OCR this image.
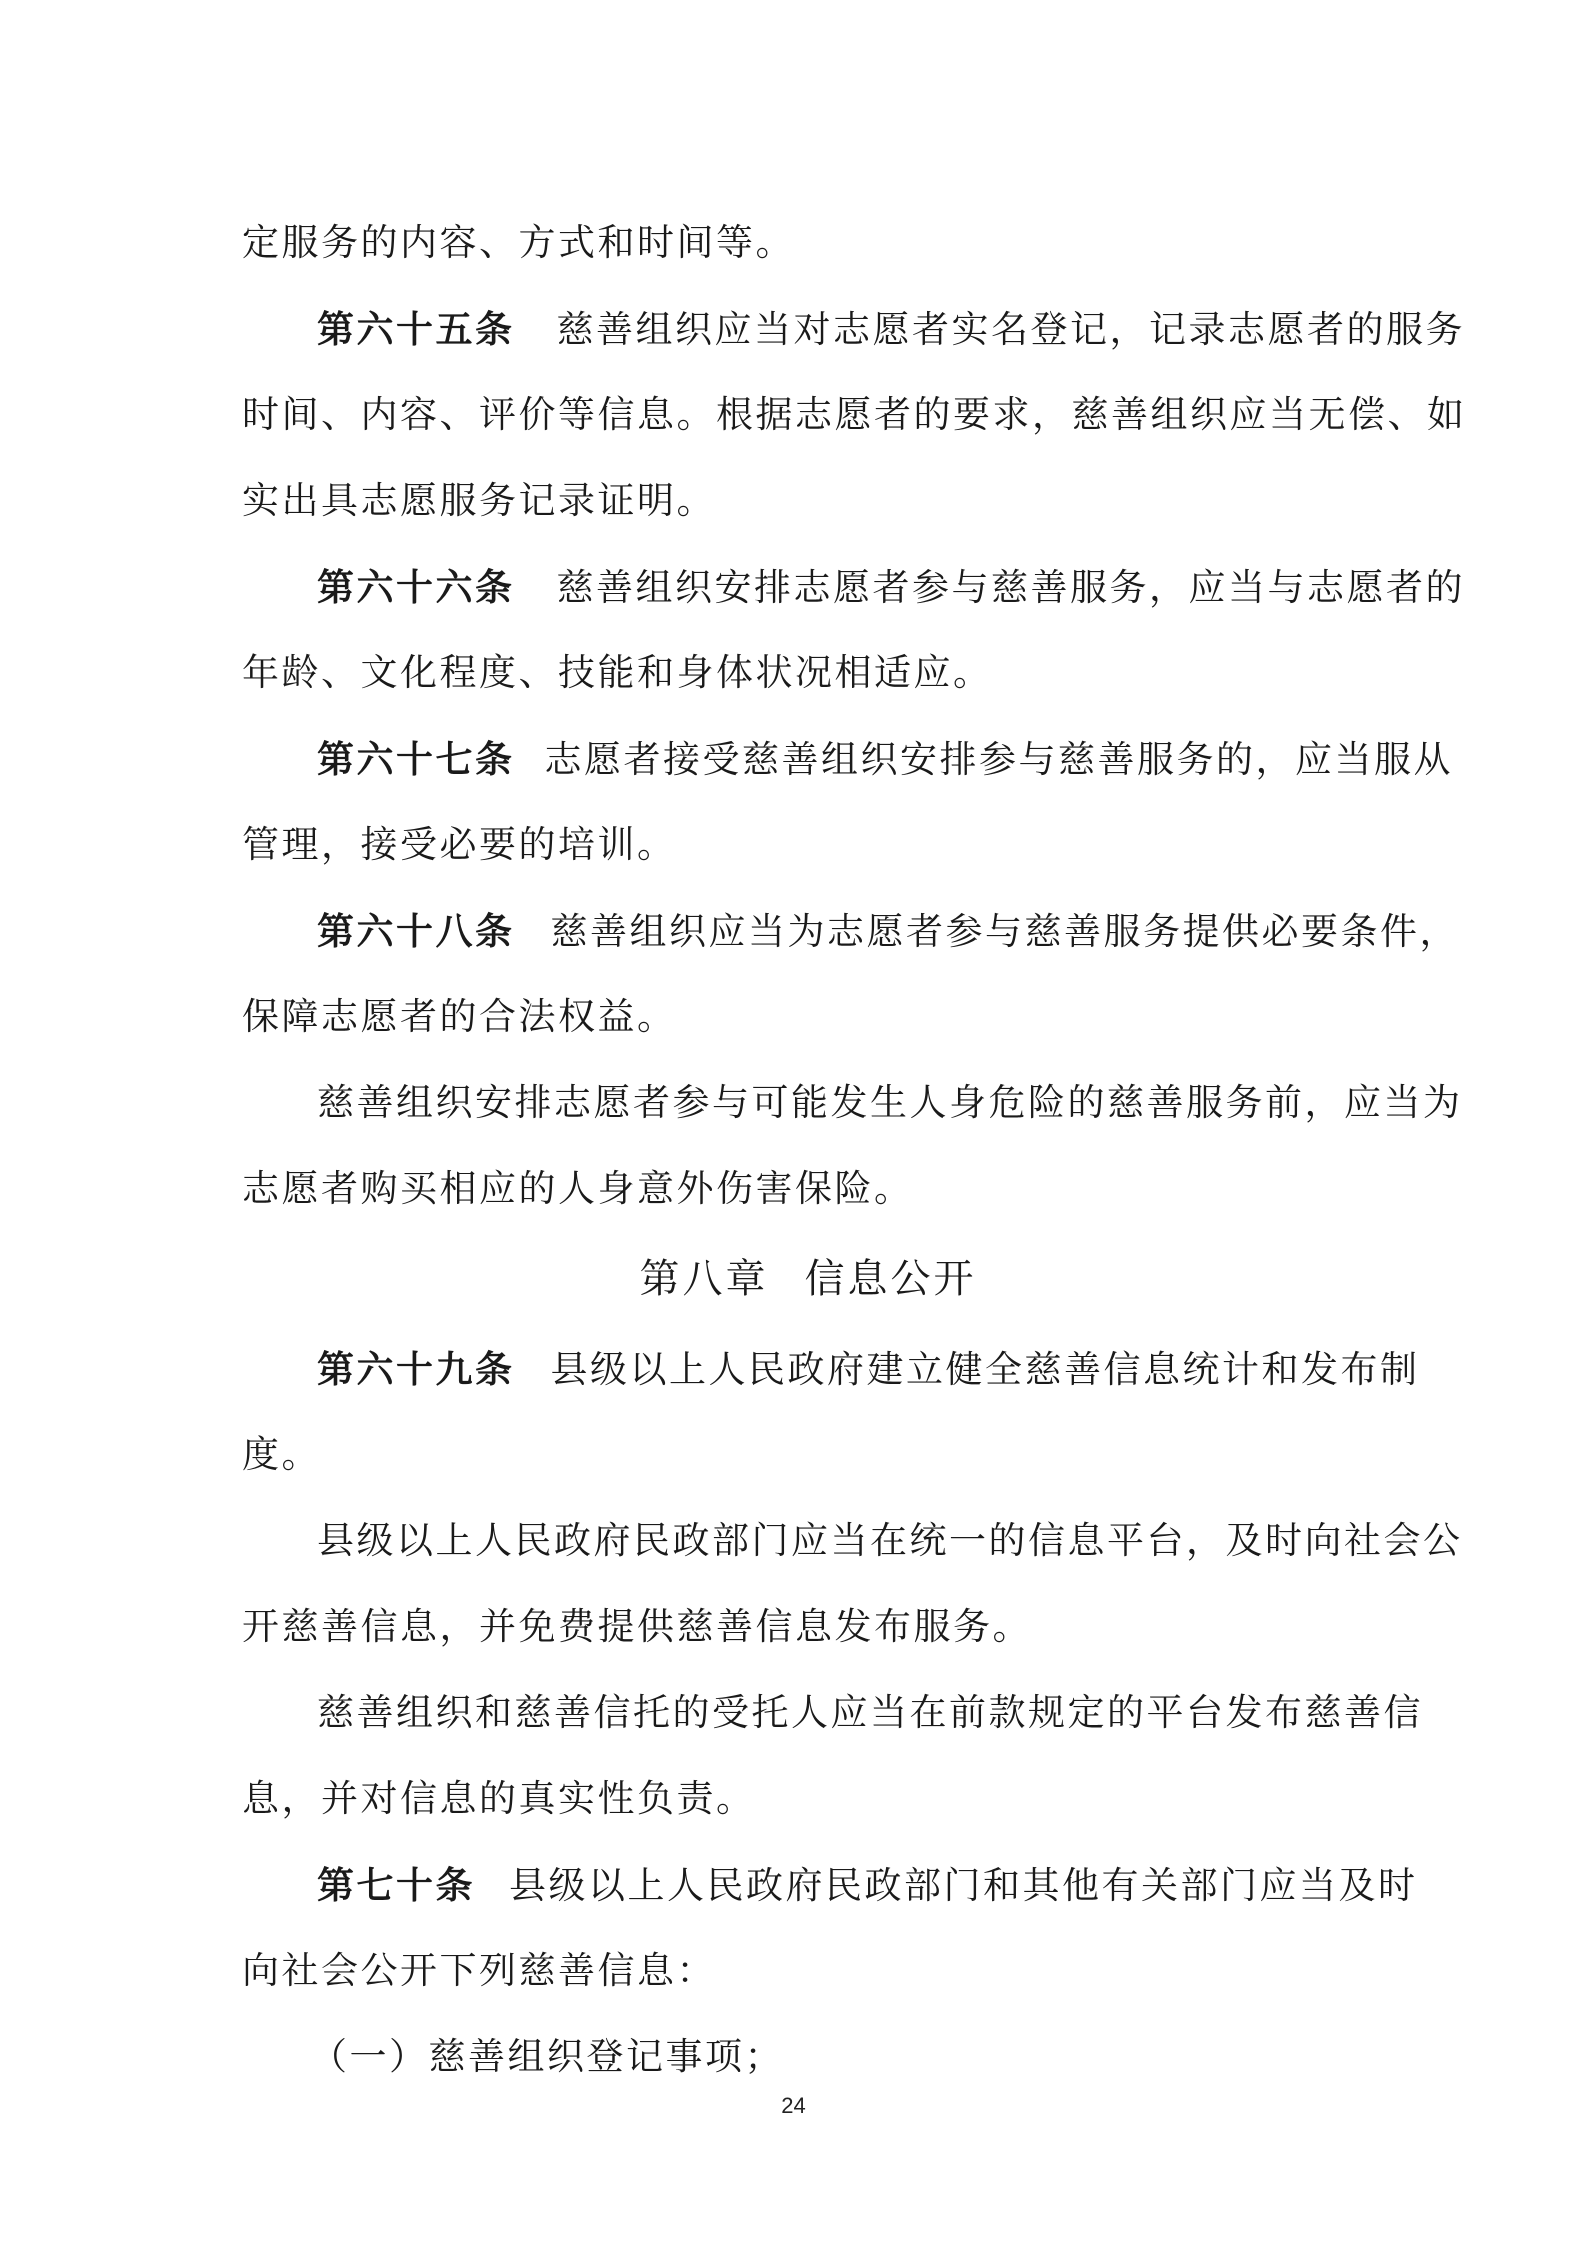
定服务的内容、方式和时间等。
第六十五条 慈善组织应当对志愿者实名登记，记录志愿者的服务
时间、内容、评价等信息。根据志愿者的要求，慈善组织应当无偿、如
实出具志愿服务记录证明。
第六十六条 慈善组织安排志愿者参与慈善服务，应当与志愿者的
年龄、文化程度、技能和身体状况相适应。
第六十七条 志愿者接受慈善组织安排参与慈善服务的，应当服从
管理，接受必要的培训。
第六十八条 慈善组织应当为志愿者参与慈善服务提供必要条件，
保障志愿者的合法权益。
慈善组织安排志愿者参与可能发生人身危险的慈善服务前，应当为
志愿者购买相应的人身意外伤害保险。
第八章 信息公开
第六十九条 县级以上人民政府建立健全慈善信息统计和发布制
度。
县级以上人民政府民政部门应当在统一的信息平台，及时向社会公
开慈善信息，并免费提供慈善信息发布服务。
慈善组织和慈善信托的受托人应当在前款规定的平台发布慈善信
息，并对信息的真实性负责。
第七十条 县级以上人民政府民政部门和其他有关部门应当及时
向社会公开下列慈善信息：
（一）慈善组织登记事项；
24
